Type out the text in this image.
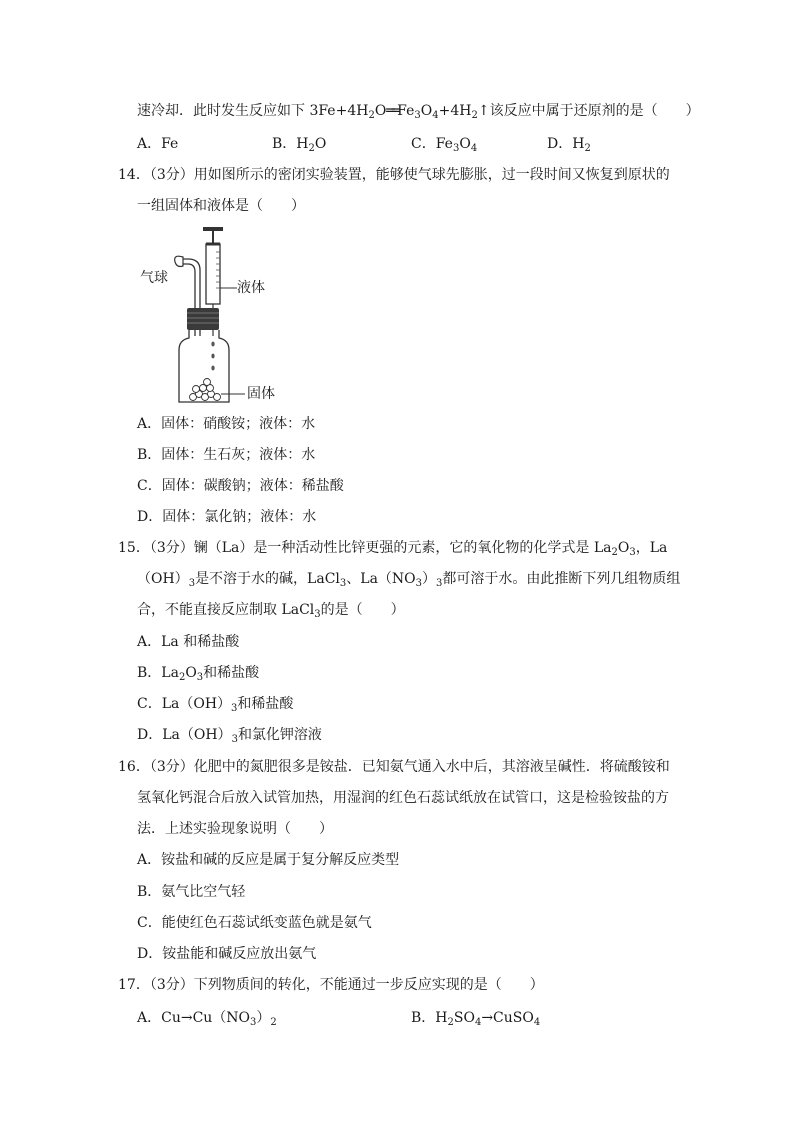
速冷却．此时发生反应如下 $3Fe+4H_2O══Fe_3O_4+4H_2↑$该反应中属于还原剂的是（　　）
A．Fe	B．$H_2O$	C．$Fe_3O_4$	D．$H_2$
14．（3分）用如图所示的密闭实验装置，能够使气球先膨胀，过一段时间又恢复到原状的
一组固体和液体是（　　）
气球
液体
固体
A．固体：硝酸铵；液体：水
B．固体：生石灰；液体：水
C．固体：碳酸钠；液体：稀盐酸
D．固体：氯化钠；液体：水
15．（3分）镧（La）是一种活动性比锌更强的元素，它的氧化物的化学式是 $La_2O_3$，La
$(OH)_3$是不溶于水的碱，LaCl$_3$、$La(NO_3)_3$都可溶于水。由此推断下列几组物质组
合，不能直接反应制取 LaCl$_3$的是（　　）
A．La 和稀盐酸
B．$La_2O_3$和稀盐酸
C．$La(OH)_3$和稀盐酸
D．$La(OH)_3$和氯化钾溶液
16．（3分）化肥中的氮肥很多是铵盐．已知氨气通入水中后，其溶液呈碱性．将硫酸铵和
氢氧化钙混合后放入试管加热，用湿润的红色石蕊试纸放在试管口，这是检验铵盐的方
法．上述实验现象说明（　　）
A．铵盐和碱的反应是属于复分解反应类型
B．氨气比空气轻
C．能使红色石蕊试纸变蓝色就是氨气
D．铵盐能和碱反应放出氨气
17．（3分）下列物质间的转化，不能通过一步反应实现的是（　　）
A．$Cu\to Cu(NO_3)_2$	B．$H_2SO_4\to CuSO_4$
